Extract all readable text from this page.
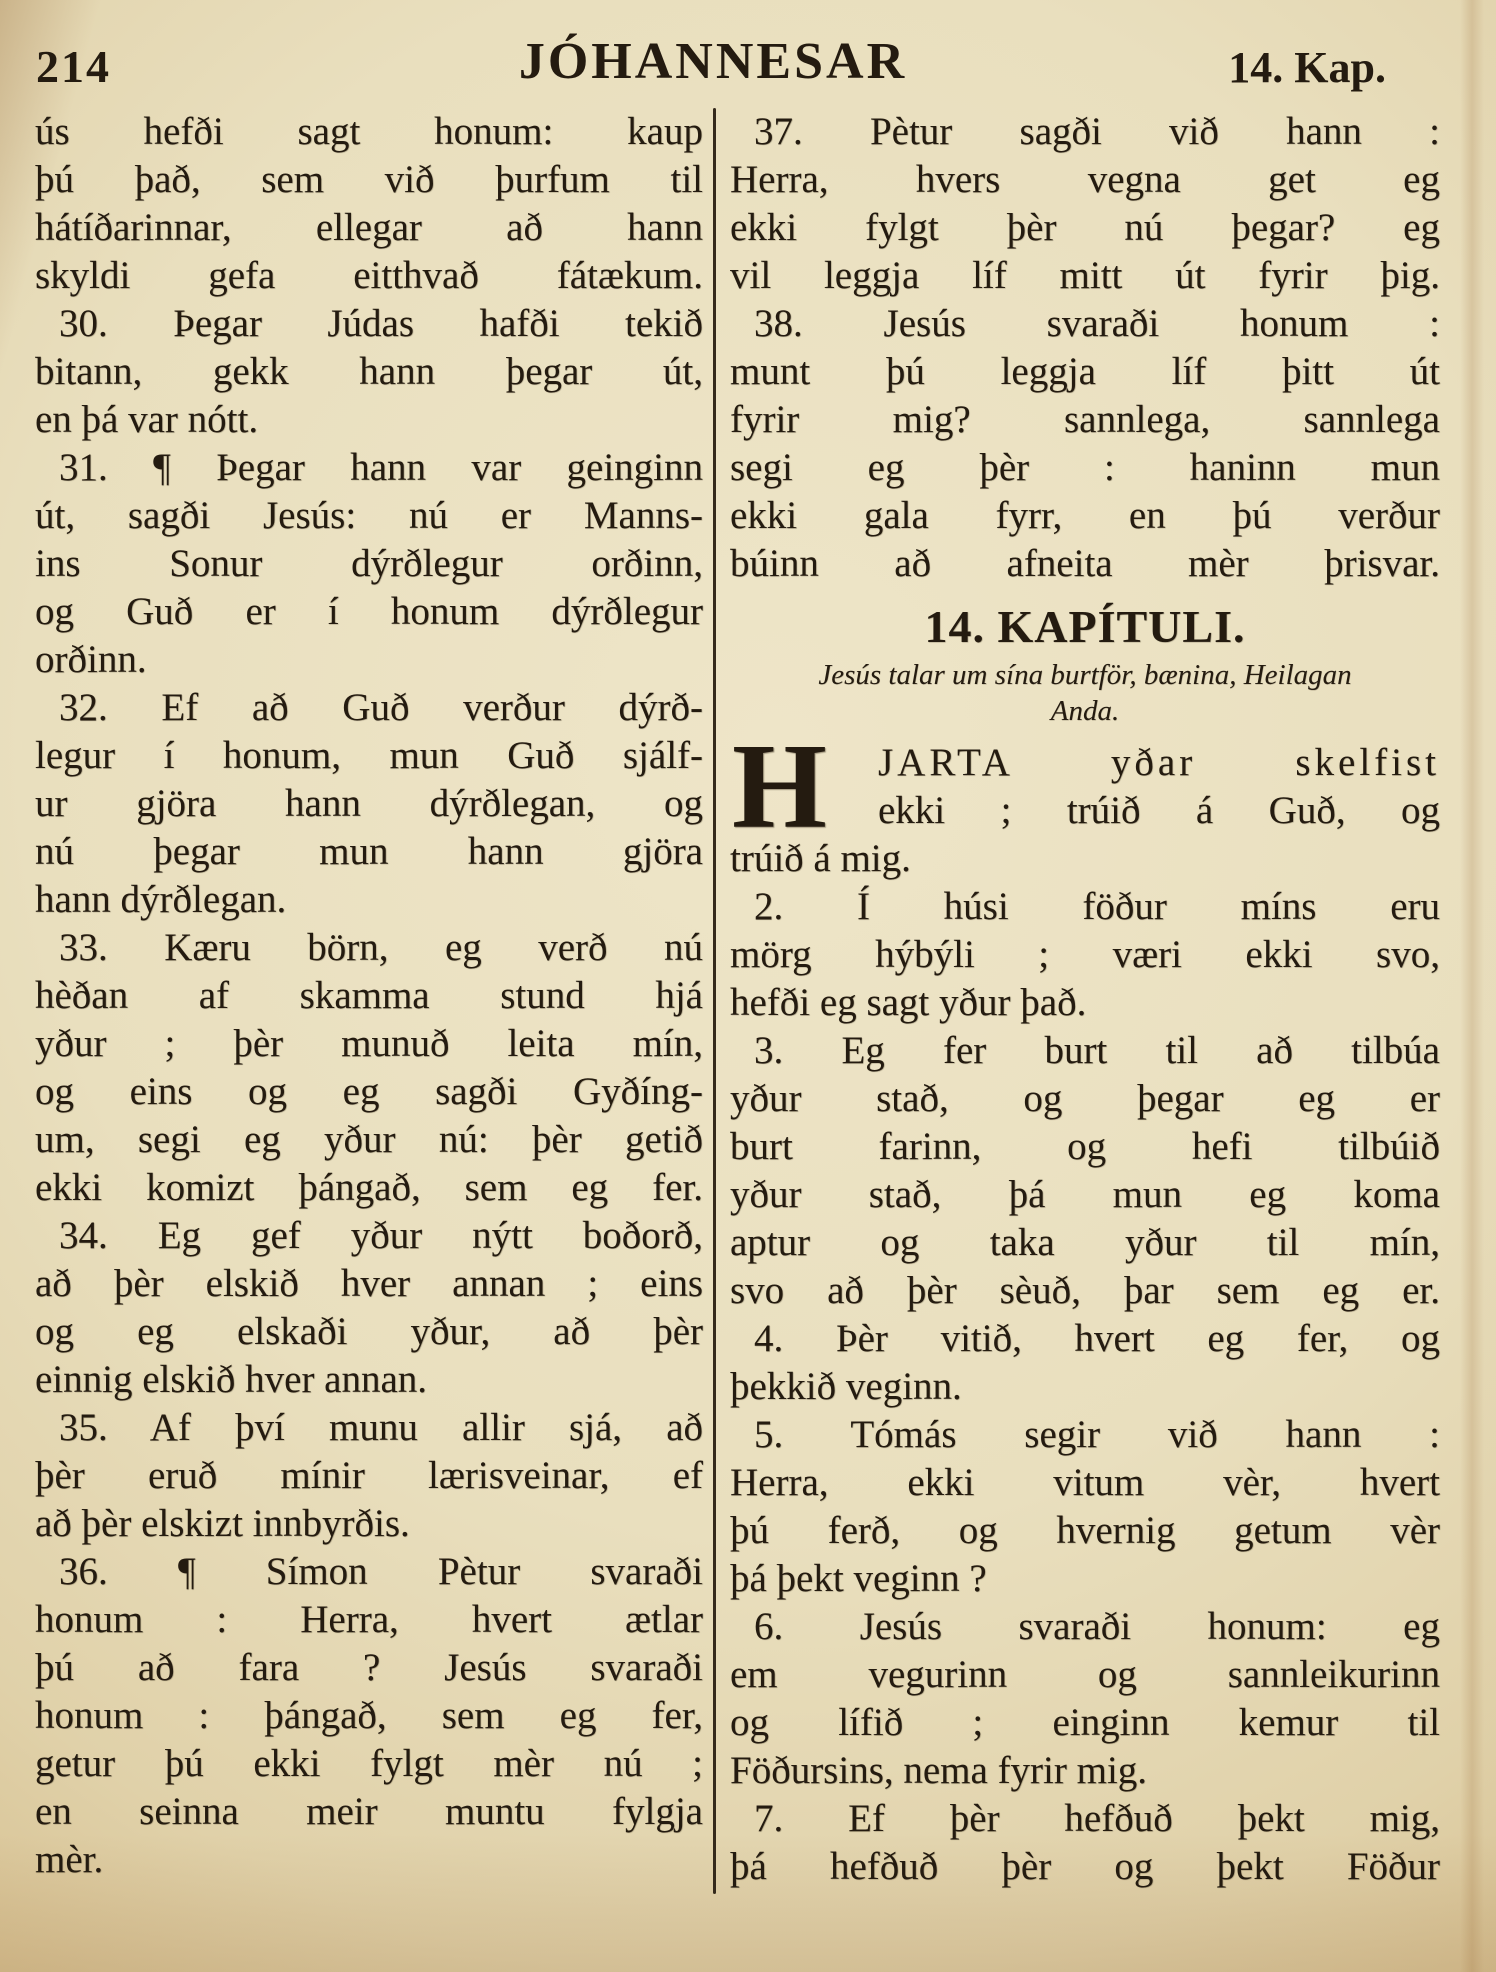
214	JÓHANNESAR	14. Kap.
ús hefði sagt honum: kaup
þú það, sem við þurfum til
hátíðarinnar, ellegar að hann
skyldi gefa eitthvað fátækum.
30. Þegar Júdas hafði tekið
bitann, gekk hann þegar út,
en þá var nótt.
31. ¶ Þegar hann var geinginn
út, sagði Jesús: nú er Manns-
ins Sonur dýrðlegur orðinn,
og Guð er í honum dýrðlegur
orðinn.
32. Ef að Guð verður dýrð-
legur í honum, mun Guð sjálf-
ur gjöra hann dýrðlegan, og
nú þegar mun hann gjöra
hann dýrðlegan.
33. Kæru börn, eg verð nú
hèðan af skamma stund hjá
yður ; þèr munuð leita mín,
og eins og eg sagði Gyðíng-
um, segi eg yður nú: þèr getið
ekki komizt þángað, sem eg fer.
34. Eg gef yður nýtt boðorð,
að þèr elskið hver annan ; eins
og eg elskaði yður, að þèr
einnig elskið hver annan.
35. Af því munu allir sjá, að
þèr eruð mínir lærisveinar, ef
að þèr elskizt innbyrðis.
36. ¶ Símon Pètur svaraði
honum : Herra, hvert ætlar
þú að fara ? Jesús svaraði
honum : þángað, sem eg fer,
getur þú ekki fylgt mèr nú ;
en seinna meir muntu fylgja
mèr.
37. Pètur sagði við hann :
Herra, hvers vegna get eg
ekki fylgt þèr nú þegar? eg
vil leggja líf mitt út fyrir þig.
38. Jesús svaraði honum :
munt þú leggja líf þitt út
fyrir mig? sannlega, sannlega
segi eg þèr : haninn mun
ekki gala fyrr, en þú verður
búinn að afneita mèr þrisvar.
14. KAPÍTULI.
Jesús talar um sína burtför, bænina, Heilagan
Anda.
H	JARTA yðar skelfist
ekki ; trúið á Guð, og
trúið á mig.
2. Í húsi föður míns eru
mörg hýbýli ; væri ekki svo,
hefði eg sagt yður það.
3. Eg fer burt til að tilbúa
yður stað, og þegar eg er
burt farinn, og hefi tilbúið
yður stað, þá mun eg koma
aptur og taka yður til mín,
svo að þèr sèuð, þar sem eg er.
4. Þèr vitið, hvert eg fer, og
þekkið veginn.
5. Tómás segir við hann :
Herra, ekki vitum vèr, hvert
þú ferð, og hvernig getum vèr
þá þekt veginn ?
6. Jesús svaraði honum: eg
em vegurinn og sannleikurinn
og lífið ; einginn kemur til
Föðursins, nema fyrir mig.
7. Ef þèr hefðuð þekt mig,
þá hefðuð þèr og þekt Föður
